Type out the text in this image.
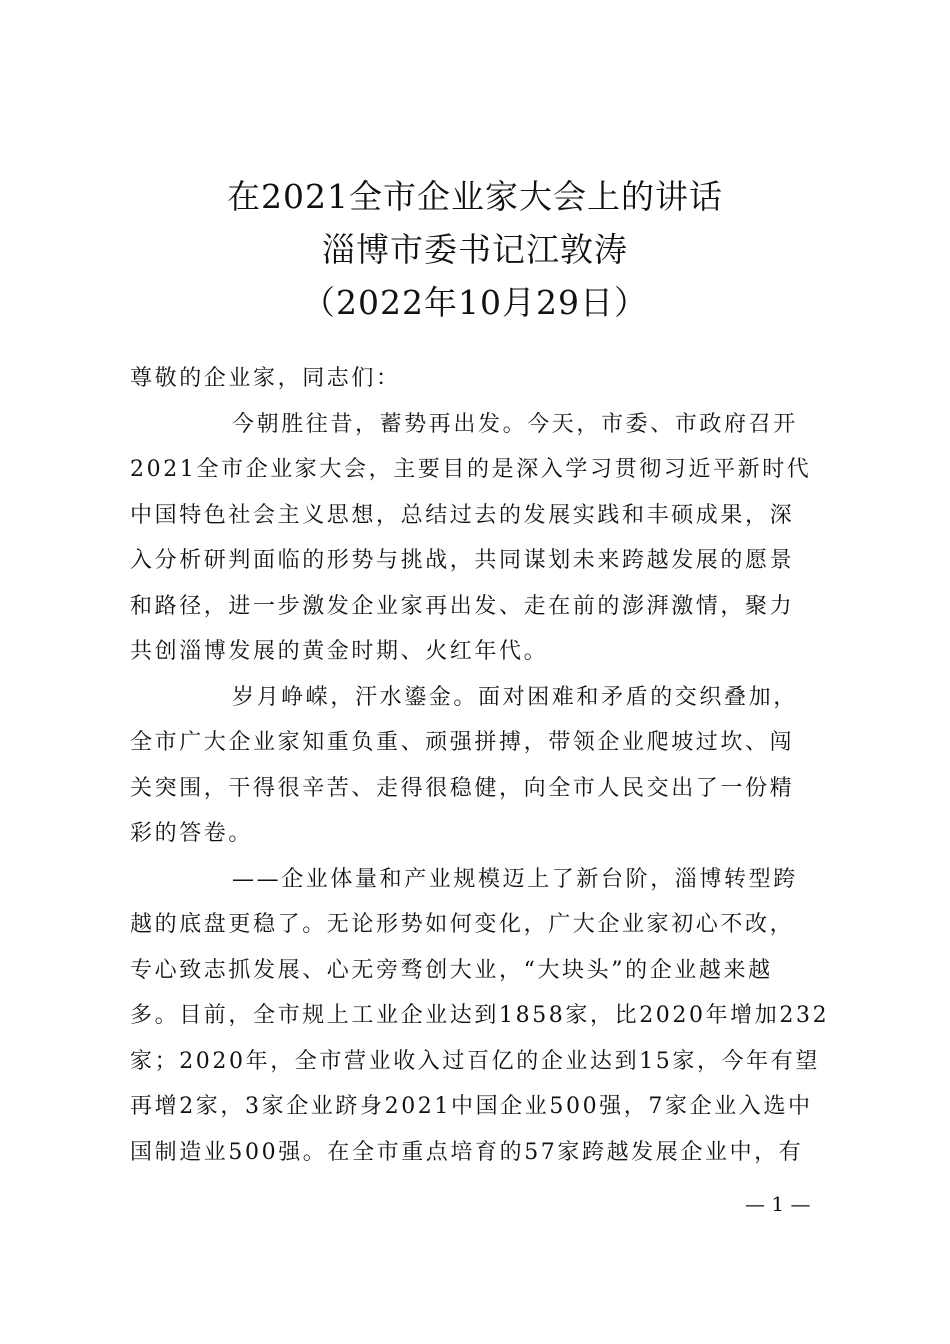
在2021全市企业家大会上的讲话
淄博市委书记江敦涛
（2022年10月29日）
尊敬的企业家，同志们：
今朝胜往昔，蓄势再出发。今天，市委、市政府召开
2021全市企业家大会，主要目的是深入学习贯彻习近平新时代
中国特色社会主义思想，总结过去的发展实践和丰硕成果，深
入分析研判面临的形势与挑战，共同谋划未来跨越发展的愿景
和路径，进一步激发企业家再出发、走在前的澎湃激情，聚力
共创淄博发展的黄金时期、火红年代。
岁月峥嵘，汗水鎏金。面对困难和矛盾的交织叠加，
全市广大企业家知重负重、顽强拼搏，带领企业爬坡过坎、闯
关突围，干得很辛苦、走得很稳健，向全市人民交出了一份精
彩的答卷。
——企业体量和产业规模迈上了新台阶，淄博转型跨
越的底盘更稳了。无论形势如何变化，广大企业家初心不改，
专心致志抓发展、心无旁骛创大业，“大块头”的企业越来越
多。目前，全市规上工业企业达到1858家，比2020年增加232
家；2020年，全市营业收入过百亿的企业达到15家，今年有望
再增2家，3家企业跻身2021中国企业500强，7家企业入选中
国制造业500强。在全市重点培育的57家跨越发展企业中，有
— 1 —
